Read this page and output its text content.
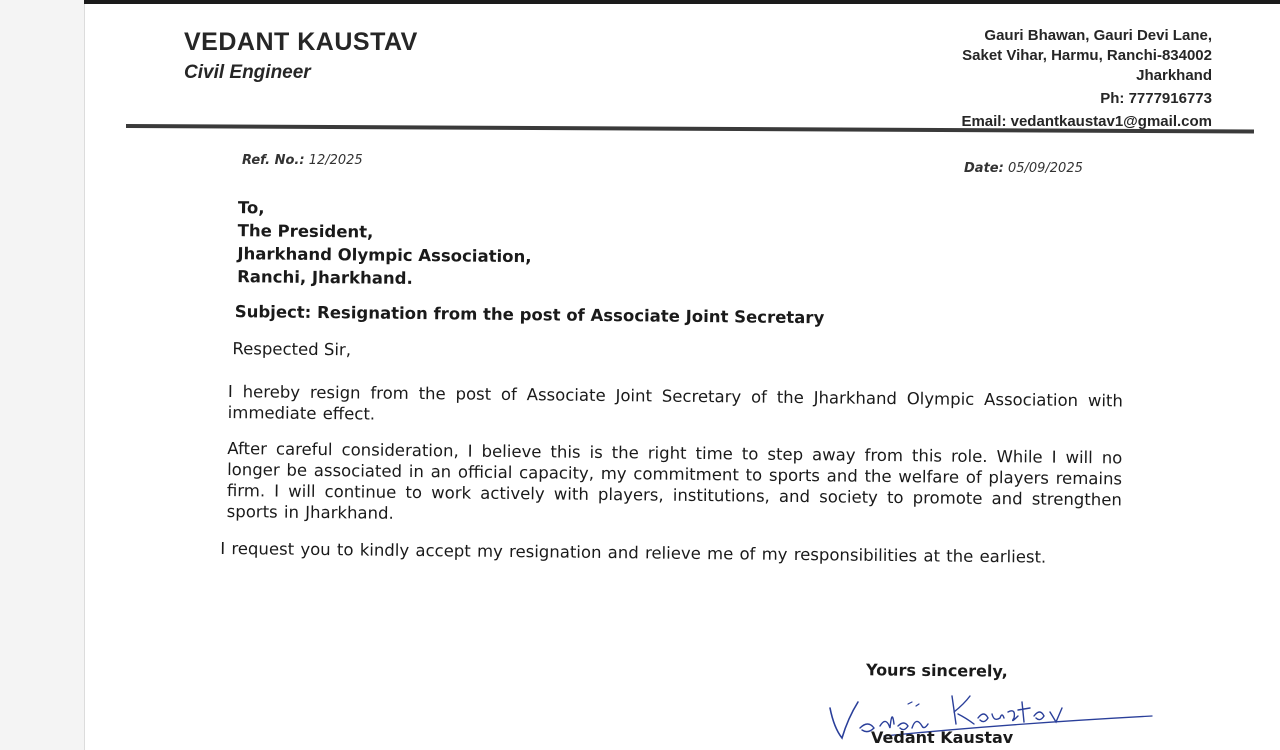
VEDANT KAUSTAV
Civil Engineer
Gauri Bhawan, Gauri Devi Lane,
Saket Vihar, Harmu, Ranchi-834002
Jharkhand
Ph: 7777916773
Email: vedantkaustav1@gmail.com
Ref. No.: 12/2025
Date: 05/09/2025
To,
The President,
Jharkhand Olympic Association,
Ranchi, Jharkhand.
Subject: Resignation from the post of Associate Joint Secretary
Respected Sir,
I hereby resign from the post of Associate Joint Secretary of the Jharkhand Olympic Association with immediate effect.
After careful consideration, I believe this is the right time to step away from this role. While I will no longer be associated in an official capacity, my commitment to sports and the welfare of players remains firm. I will continue to work actively with players, institutions, and society to promote and strengthen sports in Jharkhand.
I request you to kindly accept my resignation and relieve me of my responsibilities at the earliest.
Yours sincerely,
Vedant Kaustav
